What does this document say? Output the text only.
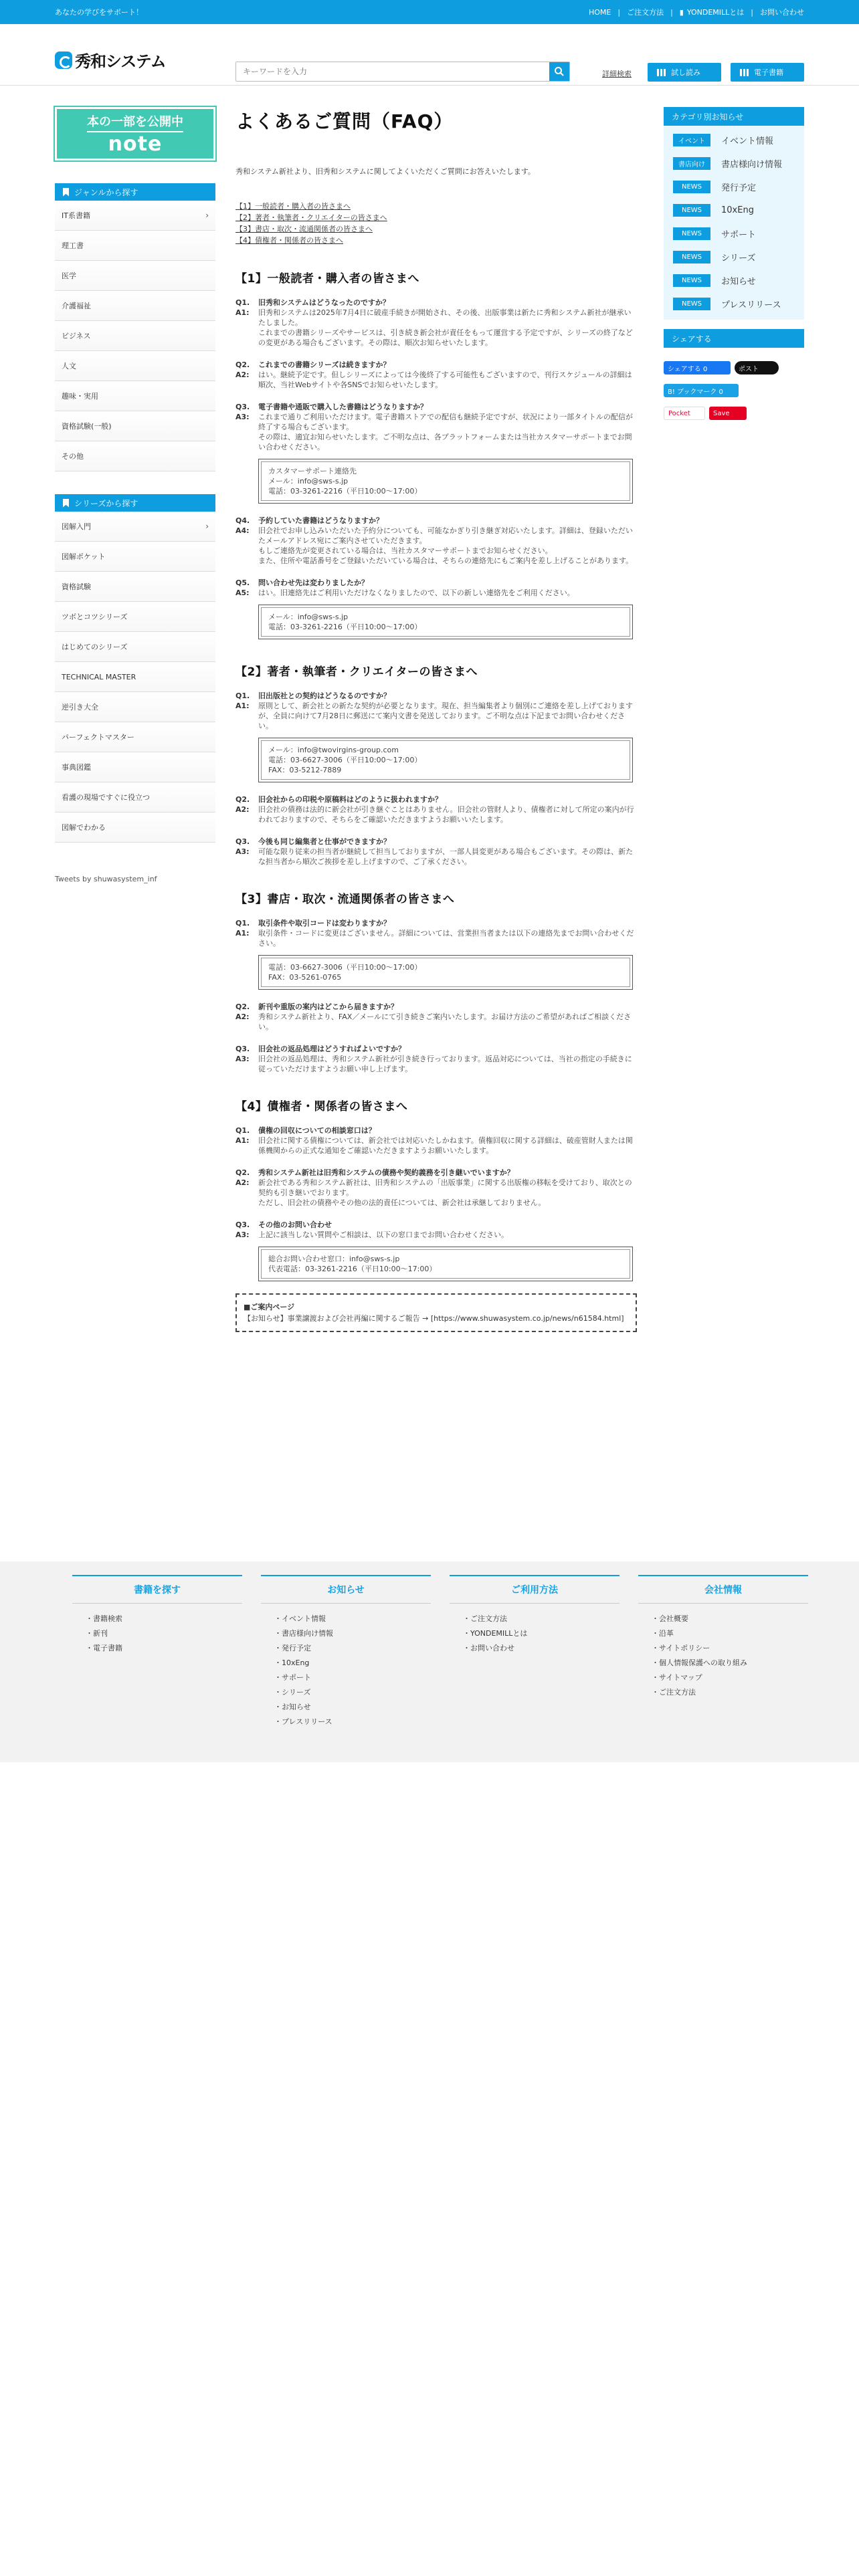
あなたの学びをサポート！	HOME | ご注文方法 | ▮ YONDEMILLとは | お問い合わせ
秀和システム
キーワードを入力
詳細検索	試し読み	電子書籍
本の一部を公開中
note
ジャンルから探す
IT系書籍	›
理工書
医学
介護福祉
ビジネス
人文
趣味・実用
資格試験(一般)
その他
シリーズから探す
図解入門	›
図解ポケット
資格試験
ツボとコツシリーズ
はじめてのシリーズ
TECHNICAL MASTER
逆引き大全
パーフェクトマスター
事典図鑑
看護の現場ですぐに役立つ
図解でわかる
Tweets by shuwasystem_inf
よくあるご質問（FAQ）

秀和システム新社より、旧秀和システムに関してよくいただくご質問にお答えいたします。

【1】一般読者・購入者の皆さまへ
【2】著者・執筆者・クリエイターの皆さまへ
【3】書店・取次・流通関係者の皆さまへ
【4】債権者・関係者の皆さまへ
【1】一般読者・購入者の皆さまへ
Q1.	旧秀和システムはどうなったのですか？
A1:	旧秀和システムは2025年7月4日に破産手続きが開始され、その後、出版事業は新たに秀和システム新社が継承いたしました。
これまでの書籍シリーズやサービスは、引き続き新会社が責任をもって運営する予定ですが、シリーズの終了などの変更がある場合もございます。その際は、順次お知らせいたします。
Q2.	これまでの書籍シリーズは続きますか？
A2:	はい。継続予定です。但しシリーズによっては今後終了する可能性もございますので、刊行スケジュールの詳細は順次、当社Webサイトや各SNSでお知らせいたします。
Q3.	電子書籍や通販で購入した書籍はどうなりますか？
A3:	これまで通りご利用いただけます。電子書籍ストアでの配信も継続予定ですが、状況により一部タイトルの配信が終了する場合もございます。
その際は、適宜お知らせいたします。ご不明な点は、各プラットフォームまたは当社カスタマーサポートまでお問い合わせください。
カスタマーサポート連絡先
メール：info@sws-s.jp
電話：03-3261-2216（平日10:00〜17:00）
Q4.	予約していた書籍はどうなりますか？
A4:	旧会社でお申し込みいただいた予約分についても、可能なかぎり引き継ぎ対応いたします。詳細は、登録いただいたメールアドレス宛にご案内させていただきます。
もしご連絡先が変更されている場合は、当社カスタマーサポートまでお知らせください。
また、住所や電話番号をご登録いただいている場合は、そちらの連絡先にもご案内を差し上げることがあります。
Q5.	問い合わせ先は変わりましたか？
A5:	はい。旧連絡先はご利用いただけなくなりましたので、以下の新しい連絡先をご利用ください。
メール：info@sws-s.jp
電話：03-3261-2216（平日10:00〜17:00）
【2】著者・執筆者・クリエイターの皆さまへ
Q1.	旧出版社との契約はどうなるのですか？
A1:	原則として、新会社との新たな契約が必要となります。現在、担当編集者より個別にご連絡を差し上げておりますが、全員に向けて7月28日に郵送にて案内文書を発送しております。ご不明な点は下記までお問い合わせください。
メール：info@twovirgins-group.com
電話：03-6627-3006（平日10:00〜17:00）
FAX：03-5212-7889
Q2.	旧会社からの印税や原稿料はどのように扱われますか？
A2:	旧会社の債務は法的に新会社が引き継ぐことはありません。旧会社の管財人より、債権者に対して所定の案内が行われておりますので、そちらをご確認いただきますようお願いいたします。
Q3.	今後も同じ編集者と仕事ができますか？
A3:	可能な限り従来の担当者が継続して担当しておりますが、一部人員変更がある場合もございます。その際は、新たな担当者から順次ご挨拶を差し上げますので、ご了承ください。
【3】書店・取次・流通関係者の皆さまへ
Q1.	取引条件や取引コードは変わりますか？
A1:	取引条件・コードに変更はございません。詳細については、営業担当者または以下の連絡先までお問い合わせください。
電話：03-6627-3006（平日10:00〜17:00）
FAX：03-5261-0765
Q2.	新刊や重版の案内はどこから届きますか？
A2:	秀和システム新社より、FAX／メールにて引き続きご案内いたします。お届け方法のご希望があればご相談ください。
Q3.	旧会社の返品処理はどうすればよいですか？
A3:	旧会社の返品処理は、秀和システム新社が引き続き行っております。返品対応については、当社の指定の手続きに従っていただけますようお願い申し上げます。
【4】債権者・関係者の皆さまへ
Q1.	債権の回収についての相談窓口は？
A1:	旧会社に関する債権については、新会社では対応いたしかねます。債権回収に関する詳細は、破産管財人または関係機関からの正式な通知をご確認いただきますようお願いいたします。
Q2.	秀和システム新社は旧秀和システムの債務や契約義務を引き継いでいますか？
A2:	新会社である秀和システム新社は、旧秀和システムの「出版事業」に関する出版権の移転を受けており、取次との契約も引き継いでおります。
ただし、旧会社の債務やその他の法的責任については、新会社は承継しておりません。
Q3.	その他のお問い合わせ
A3:	上記に該当しない質問やご相談は、以下の窓口までお問い合わせください。
総合お問い合わせ窓口：info@sws-s.jp
代表電話：03-3261-2216（平日10:00〜17:00）
■ご案内ページ
【お知らせ】事業譲渡および会社再編に関するご報告 → [https://www.shuwasystem.co.jp/news/n61584.html]
カテゴリ別お知らせ
イベント	イベント情報
書店向け	書店様向け情報
NEWS	発行予定
NEWS	10xEng
NEWS	サポート
NEWS	シリーズ
NEWS	お知らせ
NEWS	プレスリリース
シェアする
シェアする 0	ポスト
B! ブックマーク 0
Pocket	Save
書籍を探す
・ 書籍検索
・ 新刊
・ 電子書籍
お知らせ
・ イベント情報
・ 書店様向け情報
・ 発行予定
・ 10xEng
・ サポート
・ シリーズ
・ お知らせ
・ プレスリリース
ご利用方法
・ ご注文方法
・ YONDEMILLとは
・ お問い合わせ
会社情報
・ 会社概要
・ 沿革
・ サイトポリシー
・ 個人情報保護への取り組み
・ サイトマップ
・ ご注文方法
